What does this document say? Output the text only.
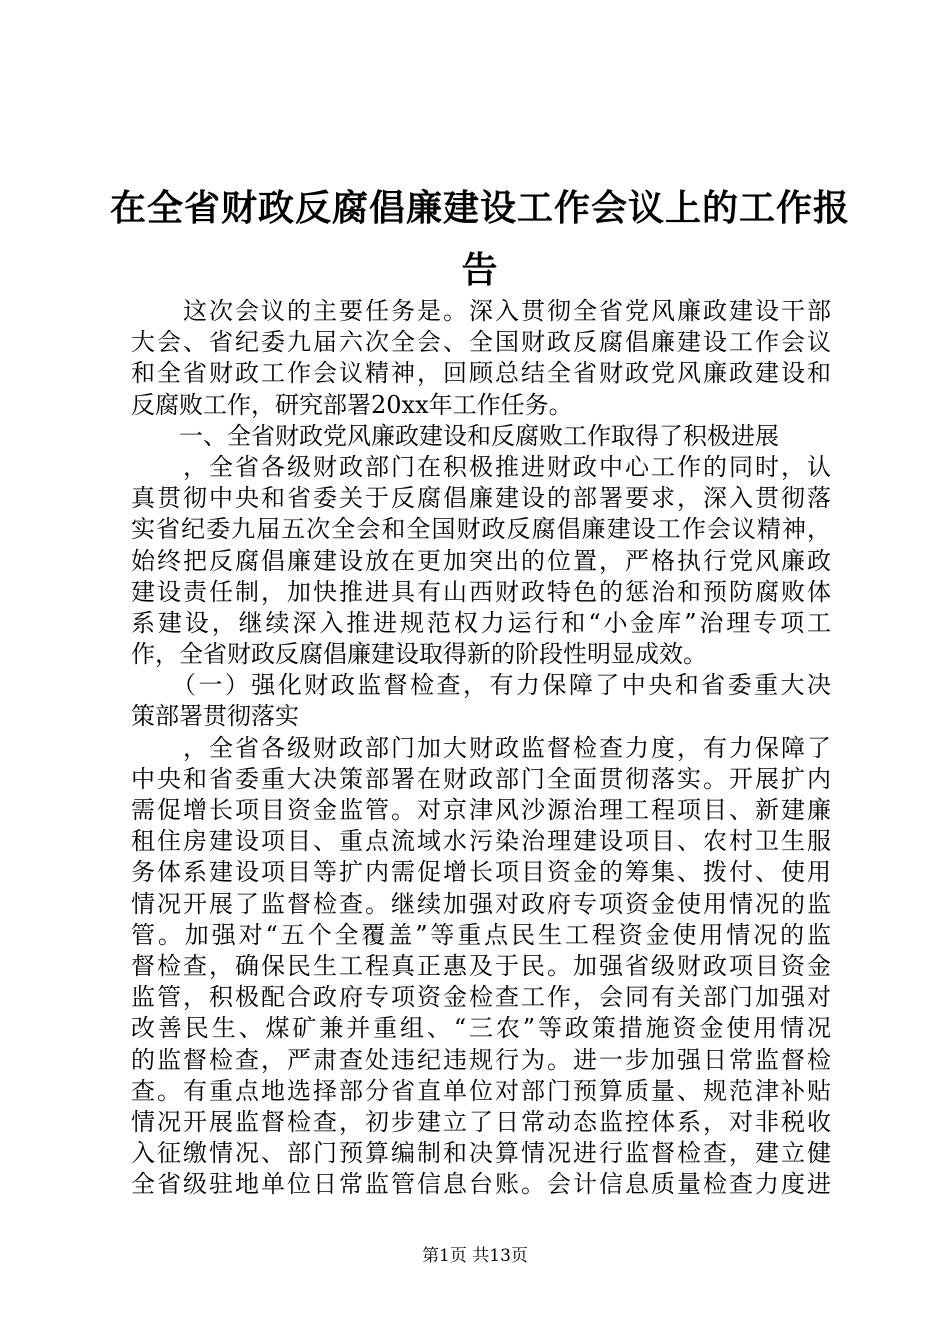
在全省财政反腐倡廉建设工作会议上的工作报
告
　　这次会议的主要任务是。深入贯彻全省党风廉政建设干部
大会、省纪委九届六次全会、全国财政反腐倡廉建设工作会议
和全省财政工作会议精神，回顾总结全省财政党风廉政建设和
反腐败工作，研究部署20xx年工作任务。
　　一、全省财政党风廉政建设和反腐败工作取得了积极进展
　　，全省各级财政部门在积极推进财政中心工作的同时，认
真贯彻中央和省委关于反腐倡廉建设的部署要求，深入贯彻落
实省纪委九届五次全会和全国财政反腐倡廉建设工作会议精神，
始终把反腐倡廉建设放在更加突出的位置，严格执行党风廉政
建设责任制，加快推进具有山西财政特色的惩治和预防腐败体
系建设，继续深入推进规范权力运行和“小金库”治理专项工
作，全省财政反腐倡廉建设取得新的阶段性明显成效。
　　（一）强化财政监督检查，有力保障了中央和省委重大决
策部署贯彻落实
　　，全省各级财政部门加大财政监督检查力度，有力保障了
中央和省委重大决策部署在财政部门全面贯彻落实。开展扩内
需促增长项目资金监管。对京津风沙源治理工程项目、新建廉
租住房建设项目、重点流域水污染治理建设项目、农村卫生服
务体系建设项目等扩内需促增长项目资金的筹集、拨付、使用
情况开展了监督检查。继续加强对政府专项资金使用情况的监
管。加强对“五个全覆盖”等重点民生工程资金使用情况的监
督检查，确保民生工程真正惠及于民。加强省级财政项目资金
监管，积极配合政府专项资金检查工作，会同有关部门加强对
改善民生、煤矿兼并重组、“三农”等政策措施资金使用情况
的监督检查，严肃查处违纪违规行为。进一步加强日常监督检
查。有重点地选择部分省直单位对部门预算质量、规范津补贴
情况开展监督检查，初步建立了日常动态监控体系，对非税收
入征缴情况、部门预算编制和决算情况进行监督检查，建立健
全省级驻地单位日常监管信息台账。会计信息质量检查力度进
第1页 共13页
